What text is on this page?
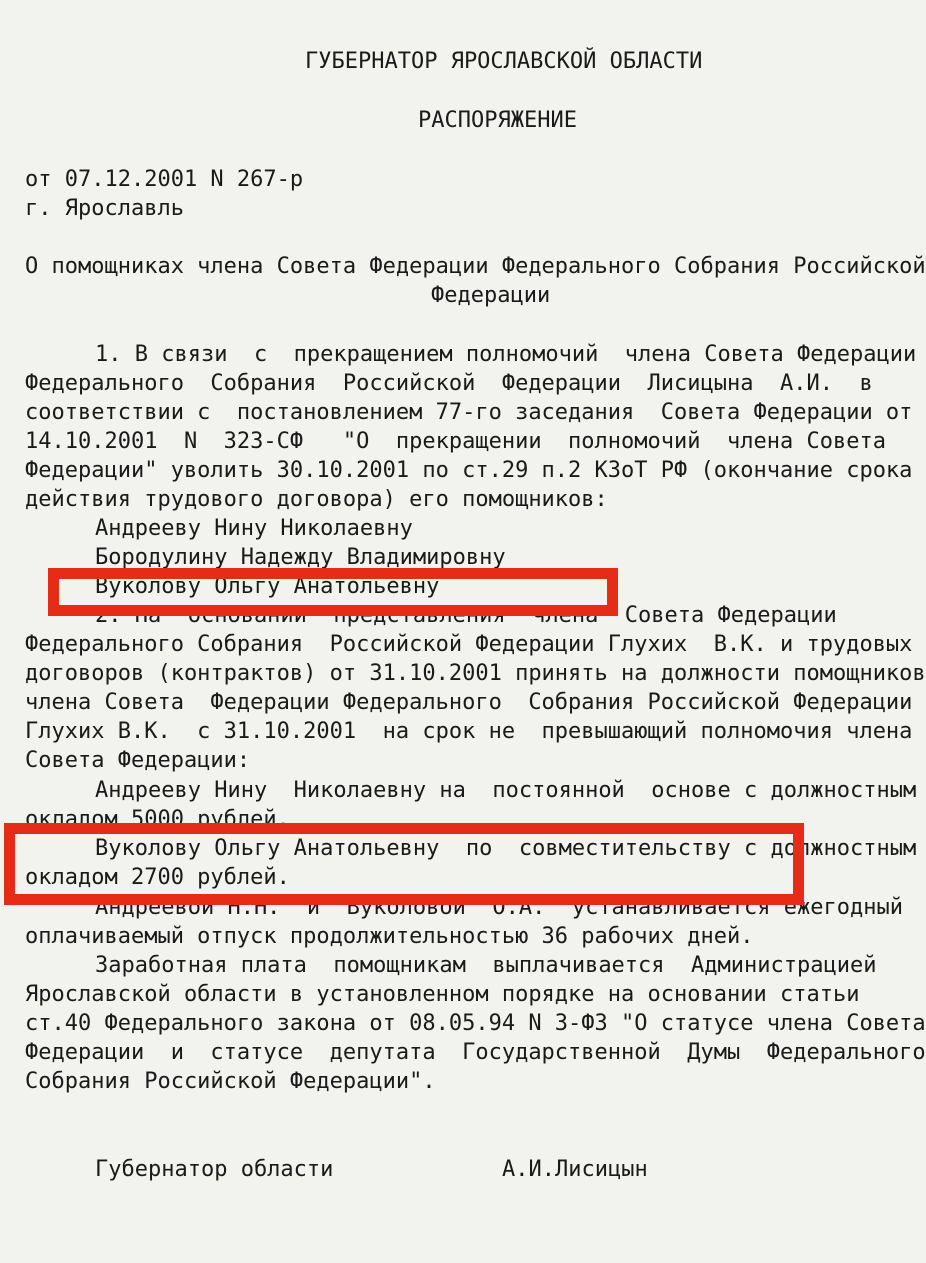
ГУБЕРНАТОР ЯРОСЛАВСКОЙ ОБЛАСТИ
РАСПОРЯЖЕНИЕ
от 07.12.2001 N 267-р
г. Ярославль
О помощниках члена Совета Федерации Федерального Собрания Российской
Федерации
1. В связи  с  прекращением полномочий  члена Совета Федерации
Федерального  Собрания  Российской  Федерации  Лисицына  А.И.  в
соответствии с  постановлением 77-го заседания  Совета Федерации от
14.10.2001  N  323-СФ   "О  прекращении  полномочий  члена Совета
Федерации" уволить 30.10.2001 по ст.29 п.2 КЗоТ РФ (окончание срока
действия трудового договора) его помощников:
Андрееву Нину Николаевну
Бородулину Надежду Владимировну
Вуколову Ольгу Анатольевну
2. На  основании  представления  члена  Совета Федерации
Федерального Собрания  Российской Федерации Глухих  В.К. и трудовых
договоров (контрактов) от 31.10.2001 принять на должности помощников
члена Совета  Федерации Федерального  Собрания Российской Федерации
Глухих В.К.  с 31.10.2001  на срок не  превышающий полномочия члена
Совета Федерации:
Андрееву Нину  Николаевну на  постоянной  основе с должностным
окладом 5000 рублей.
Вуколову Ольгу Анатольевну  по  совместительству с должностным
окладом 2700 рублей.
Андреевой Н.Н.  и  Вуколовой  О.А.  устанавливается ежегодный
оплачиваемый отпуск продолжительностью 36 рабочих дней.
Заработная плата  помощникам  выплачивается  Администрацией
Ярославской области в установленном порядке на основании статьи
ст.40 Федерального закона от 08.05.94 N 3-ФЗ "О статусе члена Совета
Федерации  и  статусе  депутата  Государственной  Думы  Федерального
Собрания Российской Федерации".
Губернатор области	А.И.Лисицын
